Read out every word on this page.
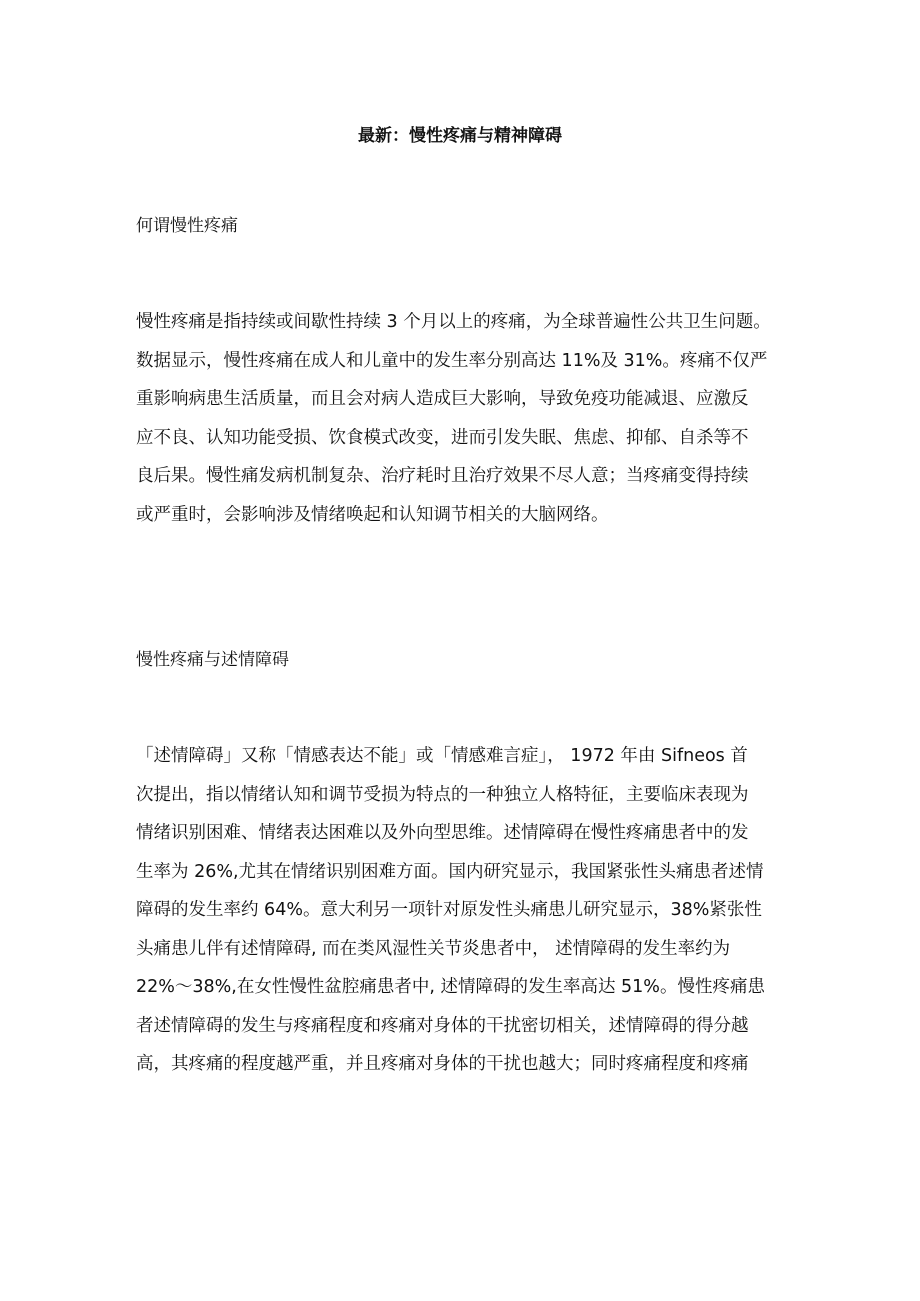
最新：慢性疼痛与精神障碍
何谓慢性疼痛
慢性疼痛是指持续或间歇性持续 3 个月以上的疼痛，为全球普遍性公共卫生问题。
数据显示，慢性疼痛在成人和儿童中的发生率分别高达 11%及 31%。疼痛不仅严
重影响病患生活质量，而且会对病人造成巨大影响，导致免疫功能减退、应激反
应不良、认知功能受损、饮食模式改变，进而引发失眠、焦虑、抑郁、自杀等不
良后果。慢性痛发病机制复杂、治疗耗时且治疗效果不尽人意；当疼痛变得持续
或严重时，会影响涉及情绪唤起和认知调节相关的大脑网络。
慢性疼痛与述情障碍
「述情障碍」又称「情感表达不能」或「情感难言症」， 1972 年由 Sifneos 首
次提出，指以情绪认知和调节受损为特点的一种独立人格特征，主要临床表现为
情绪识别困难、情绪表达困难以及外向型思维。述情障碍在慢性疼痛患者中的发
生率为 26%,尤其在情绪识别困难方面。国内研究显示，我国紧张性头痛患者述情
障碍的发生率约 64%。意大利另一项针对原发性头痛患儿研究显示，38%紧张性
头痛患儿伴有述情障碍, 而在类风湿性关节炎患者中， 述情障碍的发生率约为
22%～38%,在女性慢性盆腔痛患者中, 述情障碍的发生率高达 51%。慢性疼痛患
者述情障碍的发生与疼痛程度和疼痛对身体的干扰密切相关，述情障碍的得分越
高，其疼痛的程度越严重，并且疼痛对身体的干扰也越大；同时疼痛程度和疼痛
